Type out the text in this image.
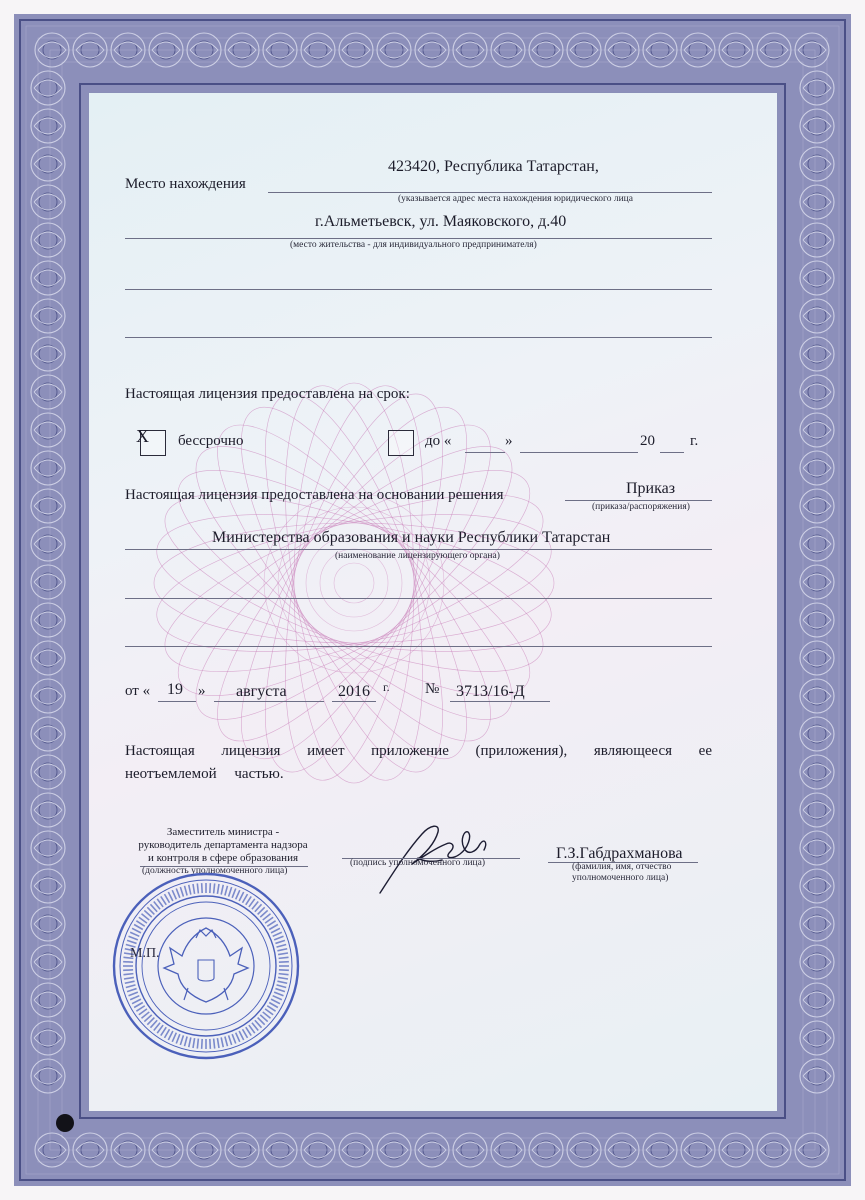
Место нахождения
423420, Республика Татарстан,
(указывается адрес места нахождения юридического лица
г.Альметьевск, ул. Маяковского, д.40
(место жительства - для индивидуального предпринимателя)
Настоящая лицензия предоставлена на срок:
X бессрочно	до «	»	20 г.
Настоящая лицензия предоставлена на основании решения	Приказ
(приказа/распоряжения)
Министерства образования и науки Республики Татарстан
(наименование лицензирующего органа)
от « 19 » августа	2016 г. № 3713/16-Д
Настоящая лицензия имеет приложение (приложения), являющееся ее
неотъемлемой частью.
Заместитель министра -
руководитель департамента надзора
и контроля в сфере образования
(должность уполномоченного лица)
(подпись уполномоченного лица)
Г.З.Габдрахманова
(фамилия, имя, отчество
уполномоченного лица)
М.П.
